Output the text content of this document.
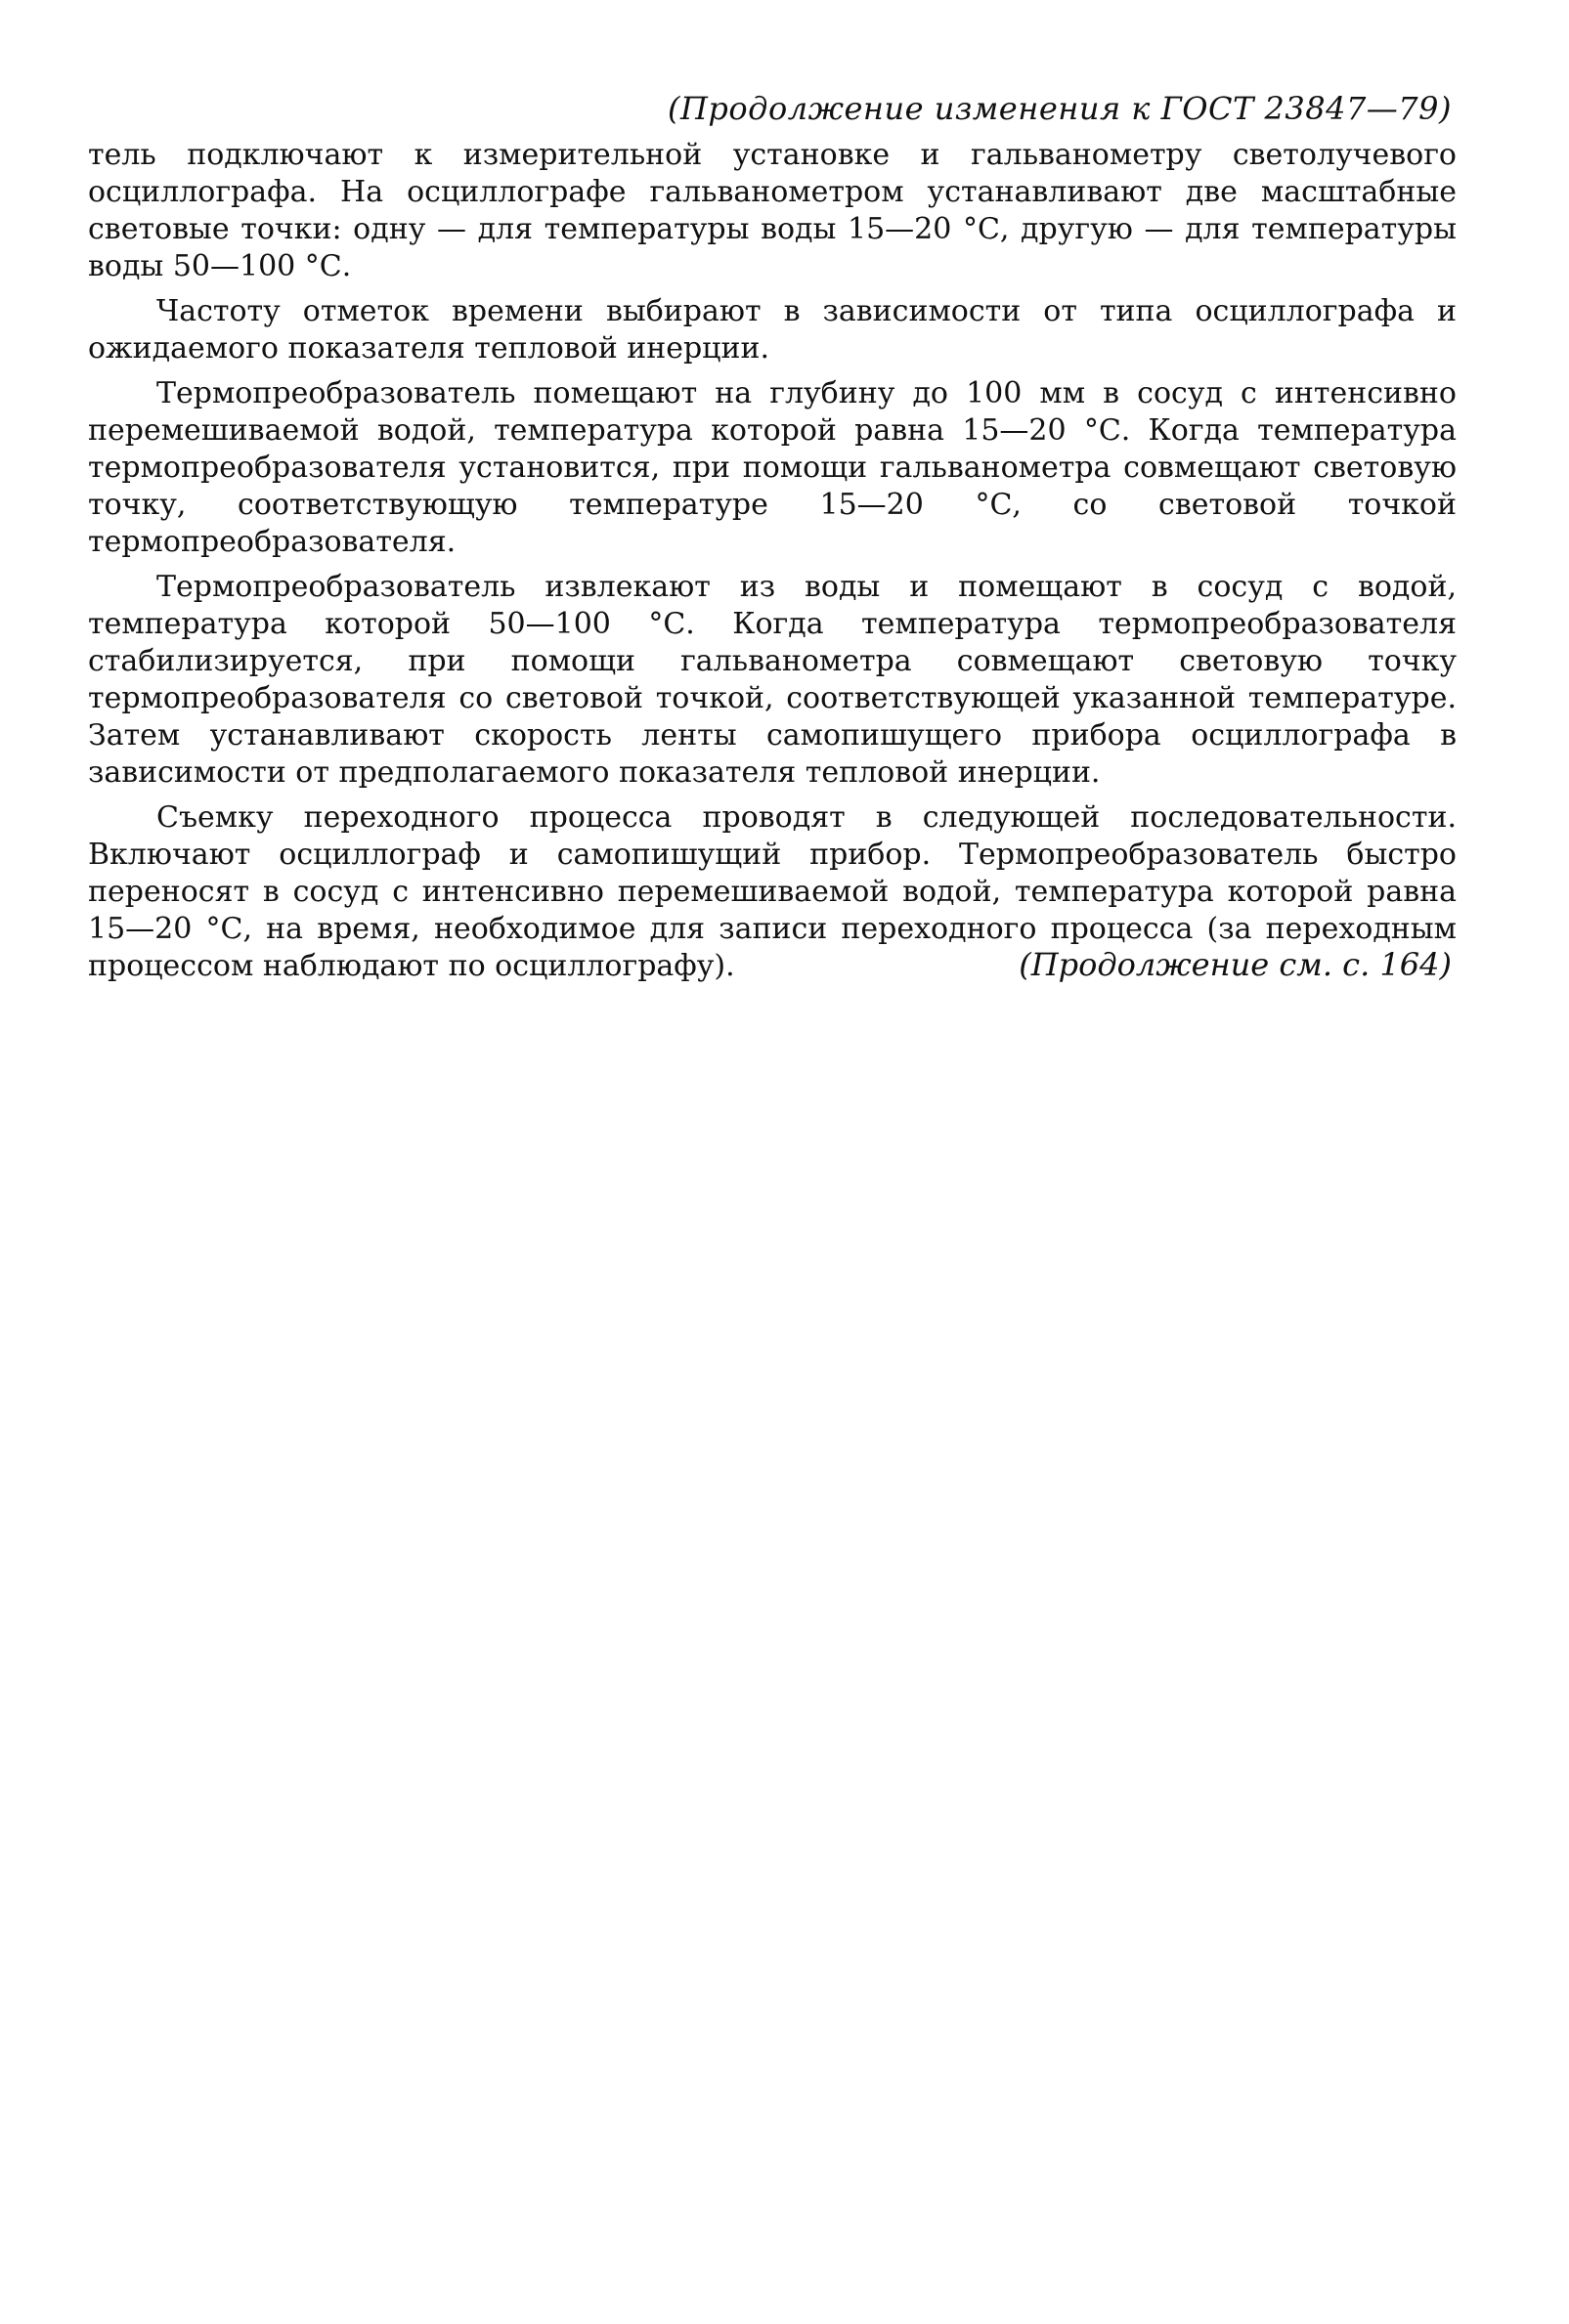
(Продолжение изменения к ГОСТ 23847—79)

тель подключают к измерительной установке и гальванометру светолучевого осциллографа. На осциллографе гальванометром устанавливают две масштабные световые точки: одну — для температуры воды 15—20 °С, другую — для температуры воды 50—100 °С.

Частоту отметок времени выбирают в зависимости от типа осциллографа и ожидаемого показателя тепловой инерции.

Термопреобразователь помещают на глубину до 100 мм в сосуд с интенсивно перемешиваемой водой, температура которой равна 15—20 °С. Когда температура термопреобразователя установится, при помощи гальванометра совмещают световую точку, соответствующую температуре 15—20 °С, со световой точкой термопреобразователя.

Термопреобразователь извлекают из воды и помещают в сосуд с водой, температура которой 50—100 °С. Когда температура термопреобразователя стабилизируется, при помощи гальванометра совмещают световую точку термопреобразователя со световой точкой, соответствующей указанной температуре. Затем устанавливают скорость ленты самопишущего прибора осциллографа в зависимости от предполагаемого показателя тепловой инерции.

Съемку переходного процесса проводят в следующей последовательности. Включают осциллограф и самопишущий прибор. Термопреобразователь быстро переносят в сосуд с интенсивно перемешиваемой водой, температура которой равна 15—20 °С, на время, необходимое для записи переходного процесса (за переходным процессом наблюдают по осциллографу).	(Продолжение см. с. 164)
